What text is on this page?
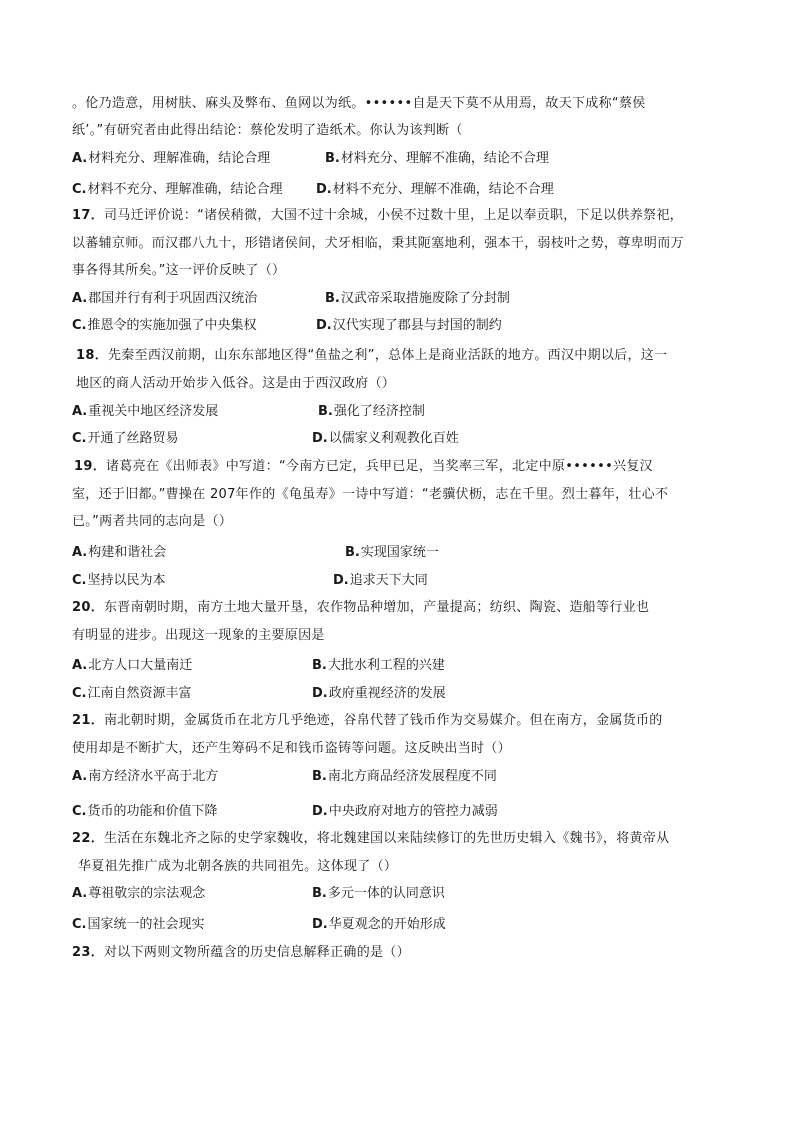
。伦乃造意，用树肤、麻头及弊布、鱼网以为纸。••••••自是天下莫不从用焉，故天下成称“蔡侯
纸’。”有研究者由此得出结论：蔡伦发明了造纸术。你认为该判断（
A.材料充分、理解准确，结论合理	B.材料充分、理解不准确，结论不合理
C.材料不充分、理解准确，结论合理	D.材料不充分、理解不准确，结论不合理
17．司马迁评价说：“诸侯稍微，大国不过十余城，小侯不过数十里，上足以奉贡职，下足以供养祭祀，
以蕃辅京师。而汉郡八九十，形错诸侯间，犬牙相临，秉其阨塞地利，强本干，弱枝叶之势，尊卑明而万
事各得其所矣。”这一评价反映了（）
A.郡国并行有利于巩固西汉统治	B.汉武帝采取措施废除了分封制
C.推恩令的实施加强了中央集权	D.汉代实现了郡县与封国的制约
18．先秦至西汉前期，山东东部地区得“鱼盐之利”，总体上是商业活跃的地方。西汉中期以后，这一
地区的商人活动开始步入低谷。这是由于西汉政府（）
A.重视关中地区经济发展	B.强化了经济控制
C.开通了丝路贸易	D.以儒家义利观教化百姓
19．诸葛亮在《出师表》中写道：“今南方已定，兵甲已足，当奖率三军，北定中原••••••兴复汉
室，还于旧都。”曹操在 207年作的《龟虽寿》一诗中写道：“老骥伏枥，志在千里。烈士暮年，壮心不
已。”两者共同的志向是（）
A.构建和谐社会	B.实现国家统一
C.坚持以民为本	D.追求天下大同
20．东晋南朝时期，南方土地大量开垦，农作物品种增加，产量提高；纺织、陶瓷、造船等行业也
有明显的进步。出现这一现象的主要原因是
A.北方人口大量南迁	B.大批水利工程的兴建
C.江南自然资源丰富	D.政府重视经济的发展
21．南北朝时期，金属货币在北方几乎绝迹，谷帛代替了钱币作为交易媒介。但在南方，金属货币的
使用却是不断扩大，还产生筹码不足和钱币盗铸等问题。这反映出当时（）
A.南方经济水平高于北方	B.南北方商品经济发展程度不同
C.货币的功能和价值下降	D.中央政府对地方的管控力减弱
22．生活在东魏北齐之际的史学家魏收，将北魏建国以来陆续修订的先世历史辑入《魏书》，将黄帝从
华夏祖先推广成为北朝各族的共同祖先。这体现了（）
A.尊祖敬宗的宗法观念	B.多元一体的认同意识
C.国家统一的社会现实	D.华夏观念的开始形成
23．对以下两则文物所蕴含的历史信息解释正确的是（）
